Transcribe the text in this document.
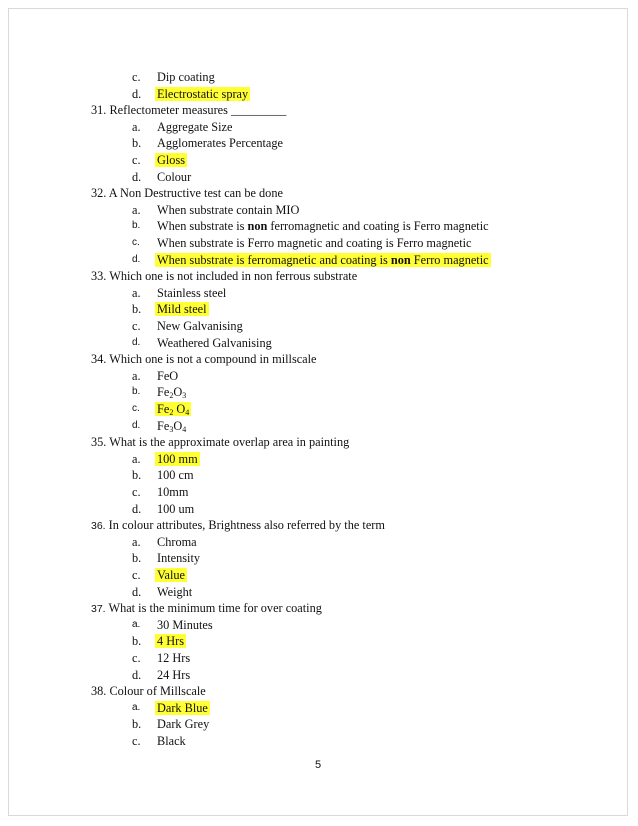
c. Dip coating
d. Electrostatic spray
31. Reflectometer measures _________
a. Aggregate Size
b. Agglomerates Percentage
c. Gloss
d. Colour
32. A Non Destructive test can be done
a. When substrate contain MIO
b. When substrate is non ferromagnetic and coating is Ferro magnetic
c. When substrate is Ferro magnetic and coating is Ferro magnetic
d. When substrate is ferromagnetic and coating is non Ferro magnetic
33. Which one is not included in non ferrous substrate
a. Stainless steel
b. Mild steel
c. New Galvanising
d. Weathered Galvanising
34. Which one is not a compound in millscale
a. FeO
b. $Fe_2O_3$
c. $Fe_2$ $O_4$
d. $Fe_3O_4$
35. What is the approximate overlap area in painting
a. 100 mm
b. 100 cm
c. 10mm
d. 100 um
36. In colour attributes, Brightness also referred by the term
a. Chroma
b. Intensity
c. Value
d. Weight
37. What is the minimum time for over coating
a. 30 Minutes
b. 4 Hrs
c. 12 Hrs
d. 24 Hrs
38. Colour of Millscale
a. Dark Blue
b. Dark Grey
c. Black
5
